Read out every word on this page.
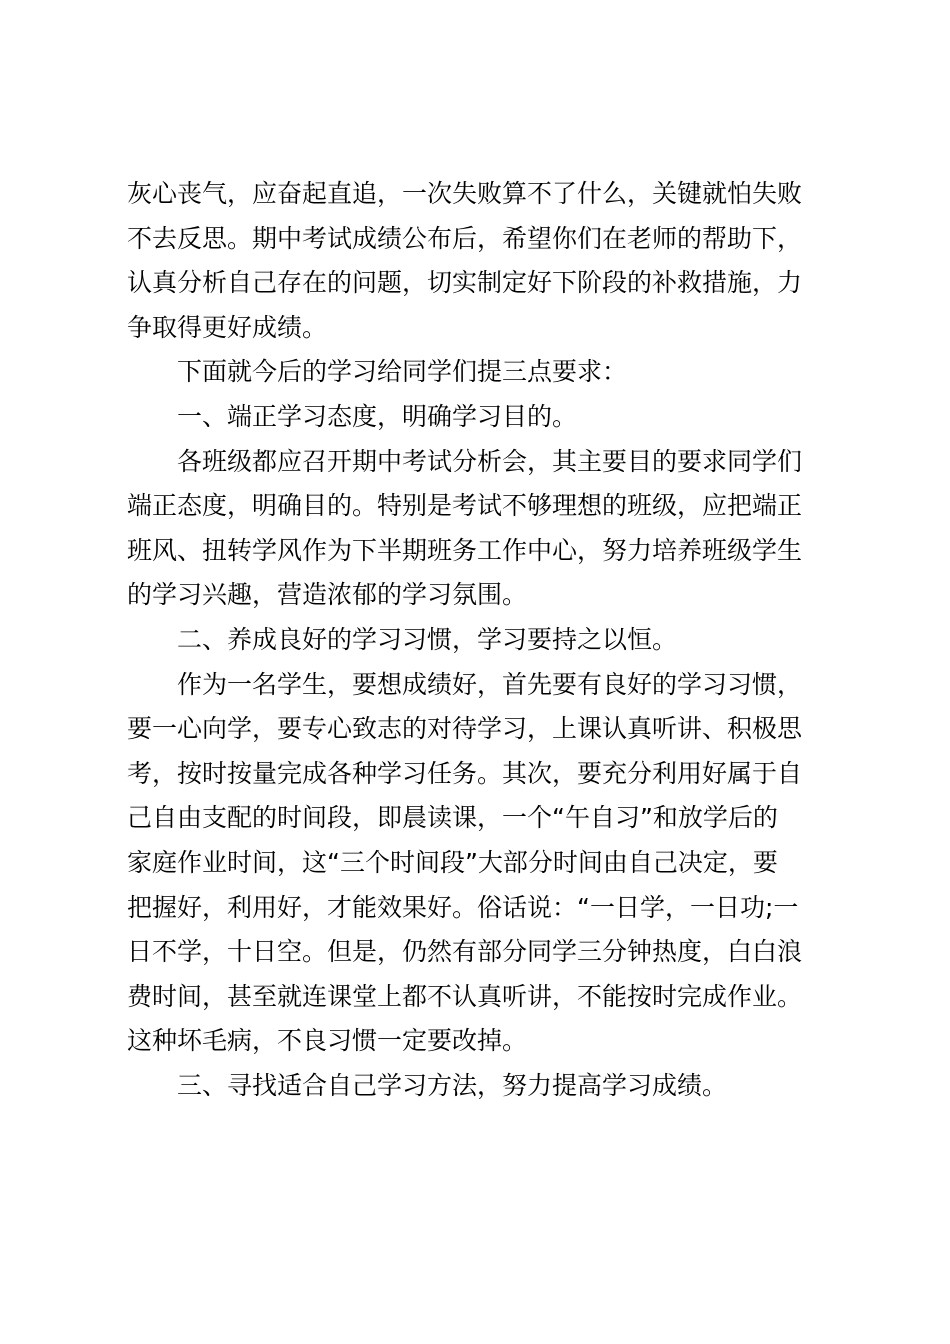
灰心丧气，应奋起直追，一次失败算不了什么，关键就怕失败
不去反思。期中考试成绩公布后，希望你们在老师的帮助下，
认真分析自己存在的问题，切实制定好下阶段的补救措施，力
争取得更好成绩。
下面就今后的学习给同学们提三点要求：
一、端正学习态度，明确学习目的。
各班级都应召开期中考试分析会，其主要目的要求同学们
端正态度，明确目的。特别是考试不够理想的班级，应把端正
班风、扭转学风作为下半期班务工作中心，努力培养班级学生
的学习兴趣，营造浓郁的学习氛围。
二、养成良好的学习习惯，学习要持之以恒。
作为一名学生，要想成绩好，首先要有良好的学习习惯，
要一心向学，要专心致志的对待学习，上课认真听讲、积极思
考，按时按量完成各种学习任务。其次，要充分利用好属于自
己自由支配的时间段，即晨读课，一个“午自习”和放学后的
家庭作业时间，这“三个时间段”大部分时间由自己决定，要
把握好，利用好，才能效果好。俗话说：“一日学，一日功;一
日不学，十日空。但是，仍然有部分同学三分钟热度，白白浪
费时间，甚至就连课堂上都不认真听讲，不能按时完成作业。
这种坏毛病，不良习惯一定要改掉。
三、寻找适合自己学习方法，努力提高学习成绩。
